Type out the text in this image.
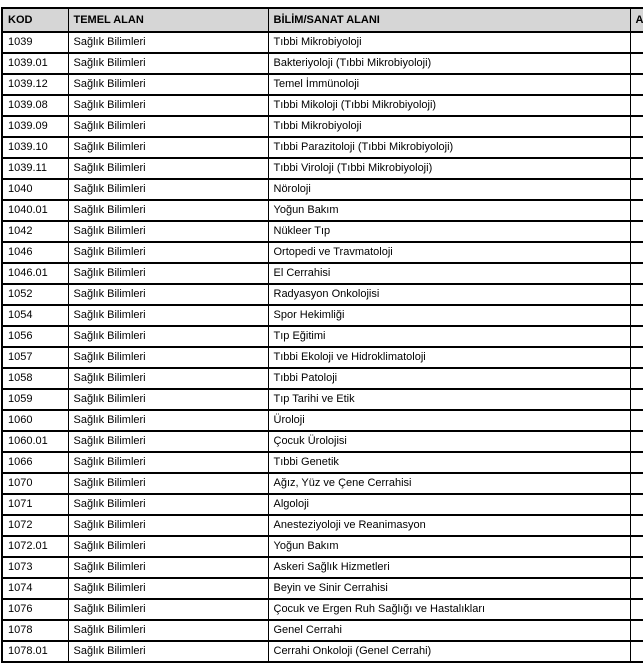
KOD	TEMEL ALAN	BİLİM/SANAT ALANI	A
1039	Sağlık Bilimleri	Tıbbi Mikrobiyoloji	
1039.01	Sağlık Bilimleri	Bakteriyoloji (Tıbbi Mikrobiyoloji)	
1039.12	Sağlık Bilimleri	Temel İmmünoloji	
1039.08	Sağlık Bilimleri	Tıbbi Mikoloji (Tıbbi Mikrobiyoloji)	
1039.09	Sağlık Bilimleri	Tıbbi Mikrobiyoloji	
1039.10	Sağlık Bilimleri	Tıbbi Parazitoloji (Tıbbi Mikrobiyoloji)	
1039.11	Sağlık Bilimleri	Tıbbi Viroloji (Tıbbi Mikrobiyoloji)	
1040	Sağlık Bilimleri	Nöroloji	
1040.01	Sağlık Bilimleri	Yoğun Bakım	
1042	Sağlık Bilimleri	Nükleer Tıp	
1046	Sağlık Bilimleri	Ortopedi ve Travmatoloji	
1046.01	Sağlık Bilimleri	El Cerrahisi	
1052	Sağlık Bilimleri	Radyasyon Onkolojisi	
1054	Sağlık Bilimleri	Spor Hekimliği	
1056	Sağlık Bilimleri	Tıp Eğitimi	
1057	Sağlık Bilimleri	Tıbbi Ekoloji ve Hidroklimatoloji	
1058	Sağlık Bilimleri	Tıbbi Patoloji	
1059	Sağlık Bilimleri	Tıp Tarihi ve Etik	
1060	Sağlık Bilimleri	Üroloji	
1060.01	Sağlık Bilimleri	Çocuk Ürolojisi	
1066	Sağlık Bilimleri	Tıbbi Genetik	
1070	Sağlık Bilimleri	Ağız, Yüz ve Çene Cerrahisi	
1071	Sağlık Bilimleri	Algoloji	
1072	Sağlık Bilimleri	Anesteziyoloji ve Reanimasyon	
1072.01	Sağlık Bilimleri	Yoğun Bakım	
1073	Sağlık Bilimleri	Askeri Sağlık Hizmetleri	
1074	Sağlık Bilimleri	Beyin ve Sinir Cerrahisi	
1076	Sağlık Bilimleri	Çocuk ve Ergen Ruh Sağlığı ve Hastalıkları	
1078	Sağlık Bilimleri	Genel Cerrahi	
1078.01	Sağlık Bilimleri	Cerrahi Onkoloji (Genel Cerrahi)	
